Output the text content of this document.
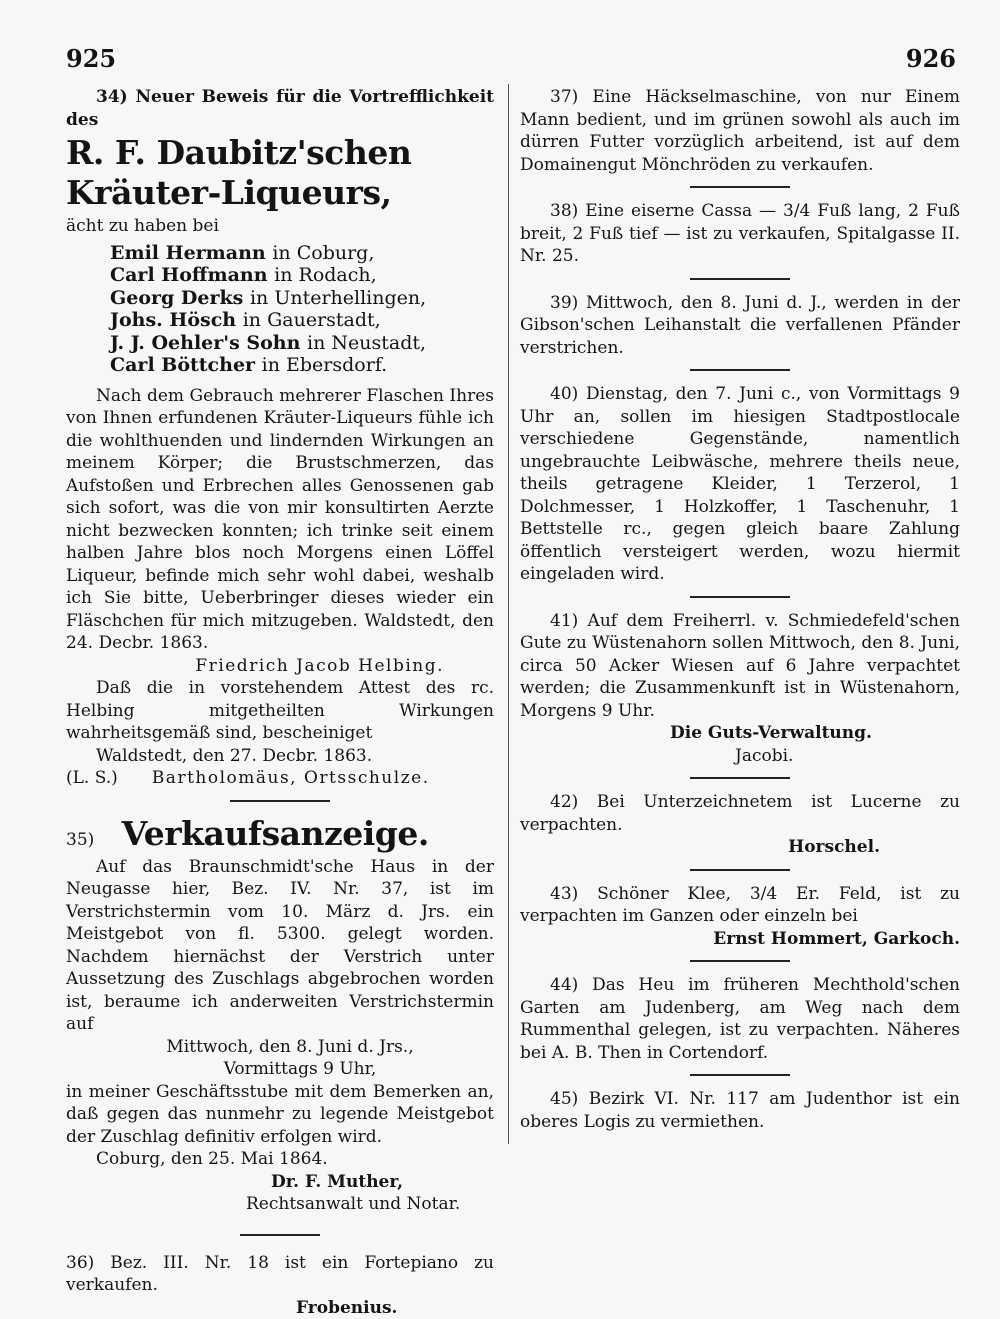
925	926

34) Neuer Beweis für die Vortrefflichkeit des

R. F. Daubitz'schen Kräuter-Liqueurs,

ächt zu haben bei

Emil Hermann in Coburg,
Carl Hoffmann in Rodach,
Georg Derks in Unterhellingen,
Johs. Hösch in Gauerstadt,
J. J. Oehler's Sohn in Neustadt,
Carl Böttcher in Ebersdorf.

Nach dem Gebrauch mehrerer Flaschen Ihres von Ihnen erfundenen Kräuter-Liqueurs fühle ich die wohlthuenden und lindernden Wirkungen an meinem Körper; die Brustschmerzen, das Aufstoßen und Erbrechen alles Genossenen gab sich sofort, was die von mir konsultirten Aerzte nicht bezwecken konnten; ich trinke seit einem halben Jahre blos noch Morgens einen Löffel Liqueur, befinde mich sehr wohl dabei, weshalb ich Sie bitte, Ueberbringer dieses wieder ein Fläschchen für mich mitzugeben. Waldstedt, den 24. Decbr. 1863.

Friedrich Jacob Helbing.

Daß die in vorstehendem Attest des rc. Helbing mitgetheilten Wirkungen wahrheitsgemäß sind, bescheiniget

Waldstedt, den 27. Decbr. 1863.

(L. S.) Bartholomäus, Ortsschulze.

35) Verkaufsanzeige.

Auf das Braunschmidt'sche Haus in der Neugasse hier, Bez. IV. Nr. 37, ist im Verstrichstermin vom 10. März d. Jrs. ein Meistgebot von fl. 5300. gelegt worden. Nachdem hiernächst der Verstrich unter Aussetzung des Zuschlags abgebrochen worden ist, beraume ich anderweiten Verstrichstermin auf

Mittwoch, den 8. Juni d. Jrs.,

Vormittags 9 Uhr,

in meiner Geschäftsstube mit dem Bemerken an, daß gegen das nunmehr zu legende Meistgebot der Zuschlag definitiv erfolgen wird.

Coburg, den 25. Mai 1864.

Dr. F. Muther,

Rechtsanwalt und Notar.

36) Bez. III. Nr. 18 ist ein Fortepiano zu verkaufen.

Frobenius.

37) Eine Häckselmaschine, von nur Einem Mann bedient, und im grünen sowohl als auch im dürren Futter vorzüglich arbeitend, ist auf dem Domainengut Mönchröden zu verkaufen.

38) Eine eiserne Cassa — 3/4 Fuß lang, 2 Fuß breit, 2 Fuß tief — ist zu verkaufen, Spitalgasse II. Nr. 25.

39) Mittwoch, den 8. Juni d. J., werden in der Gibson'schen Leihanstalt die verfallenen Pfänder verstrichen.

40) Dienstag, den 7. Juni c., von Vormittags 9 Uhr an, sollen im hiesigen Stadtpostlocale verschiedene Gegenstände, namentlich ungebrauchte Leibwäsche, mehrere theils neue, theils getragene Kleider, 1 Terzerol, 1 Dolchmesser, 1 Holzkoffer, 1 Taschenuhr, 1 Bettstelle rc., gegen gleich baare Zahlung öffentlich versteigert werden, wozu hiermit eingeladen wird.

41) Auf dem Freiherrl. v. Schmiedefeld'schen Gute zu Wüstenahorn sollen Mittwoch, den 8. Juni, circa 50 Acker Wiesen auf 6 Jahre verpachtet werden; die Zusammenkunft ist in Wüstenahorn, Morgens 9 Uhr.

Die Guts-Verwaltung.

Jacobi.

42) Bei Unterzeichnetem ist Lucerne zu verpachten.

Horschel.

43) Schöner Klee, 3/4 Er. Feld, ist zu verpachten im Ganzen oder einzeln bei

Ernst Hommert, Garkoch.

44) Das Heu im früheren Mechthold'schen Garten am Judenberg, am Weg nach dem Rummenthal gelegen, ist zu verpachten. Näheres bei A. B. Then in Cortendorf.

45) Bezirk VI. Nr. 117 am Judenthor ist ein oberes Logis zu vermiethen.
